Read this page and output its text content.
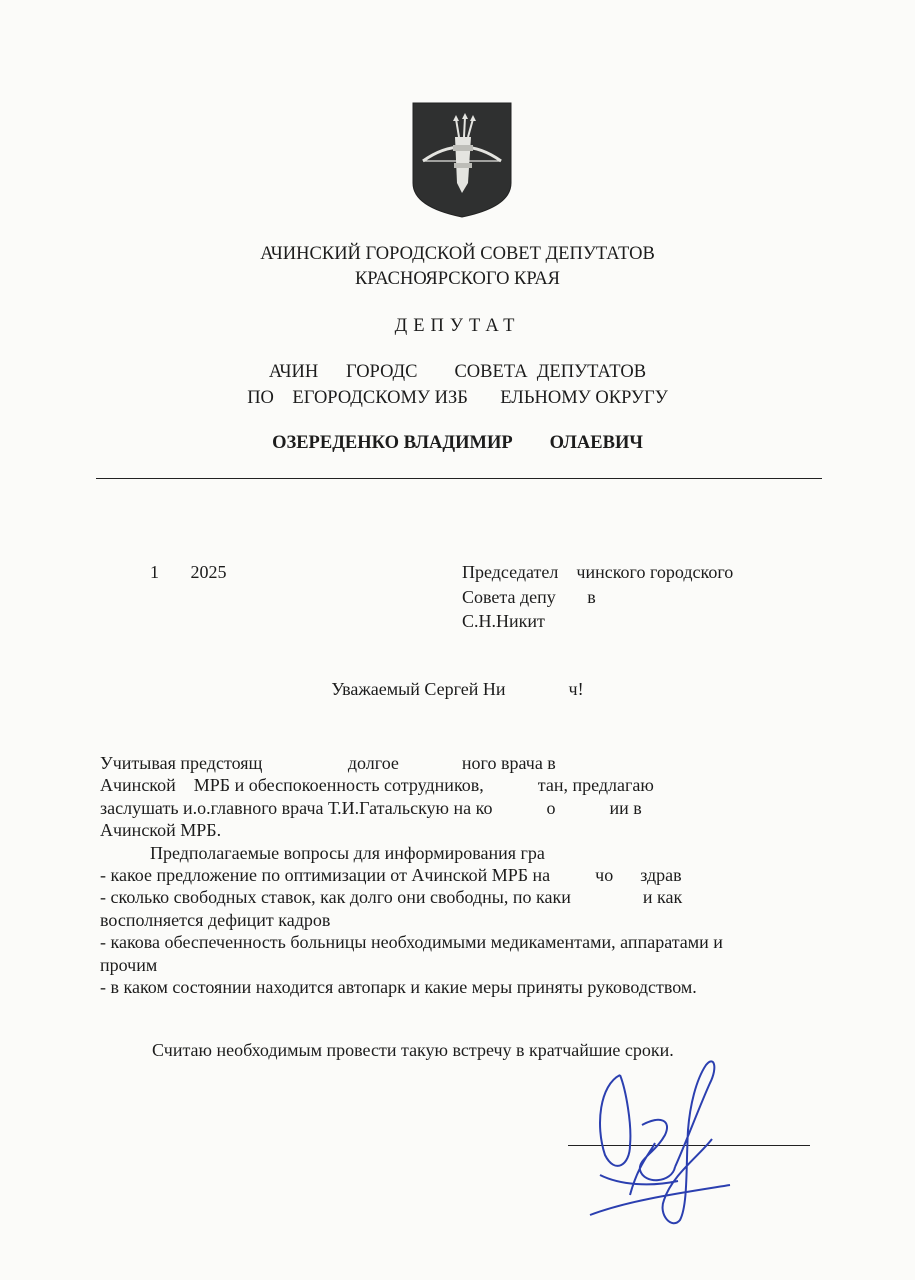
АЧИНСКИЙ ГОРОДСКОЙ СОВЕТ ДЕПУТАТОВ
КРАСНОЯРСКОГО КРАЯ
ДЕПУТАТ
АЧИН      ГОРОДС        СОВЕТА  ДЕПУТАТОВ
ПО    ЕГОРОДСКОМУ ИЗБ       ЕЛЬНОМУ ОКРУГУ
ОЗЕРЕДЕНКО ВЛАДИМИР        ОЛАЕВИЧ
1       2025	Председател    чинского городского
Совета депу       в
С.Н.Никит
Уважаемый Сергей Ни              ч!
Учитывая предстоящ                   долгое              ного врача в
Ачинской    МРБ и обеспокоенность сотрудников,            тан, предлагаю
заслушать и.о.главного врача Т.И.Гатальскую на ко            о            ии в
Ачинской МРБ.
Предполагаемые вопросы для информирования гра
- какое предложение по оптимизации от Ачинской МРБ на          чо      здрав
- сколько свободных ставок, как долго они свободны, по каки                и как
восполняется дефицит кадров
- какова обеспеченность больницы необходимыми медикаментами, аппаратами и
прочим
- в каком состоянии находится автопарк и какие меры приняты руководством.
Считаю необходимым провести такую встречу в кратчайшие сроки.
